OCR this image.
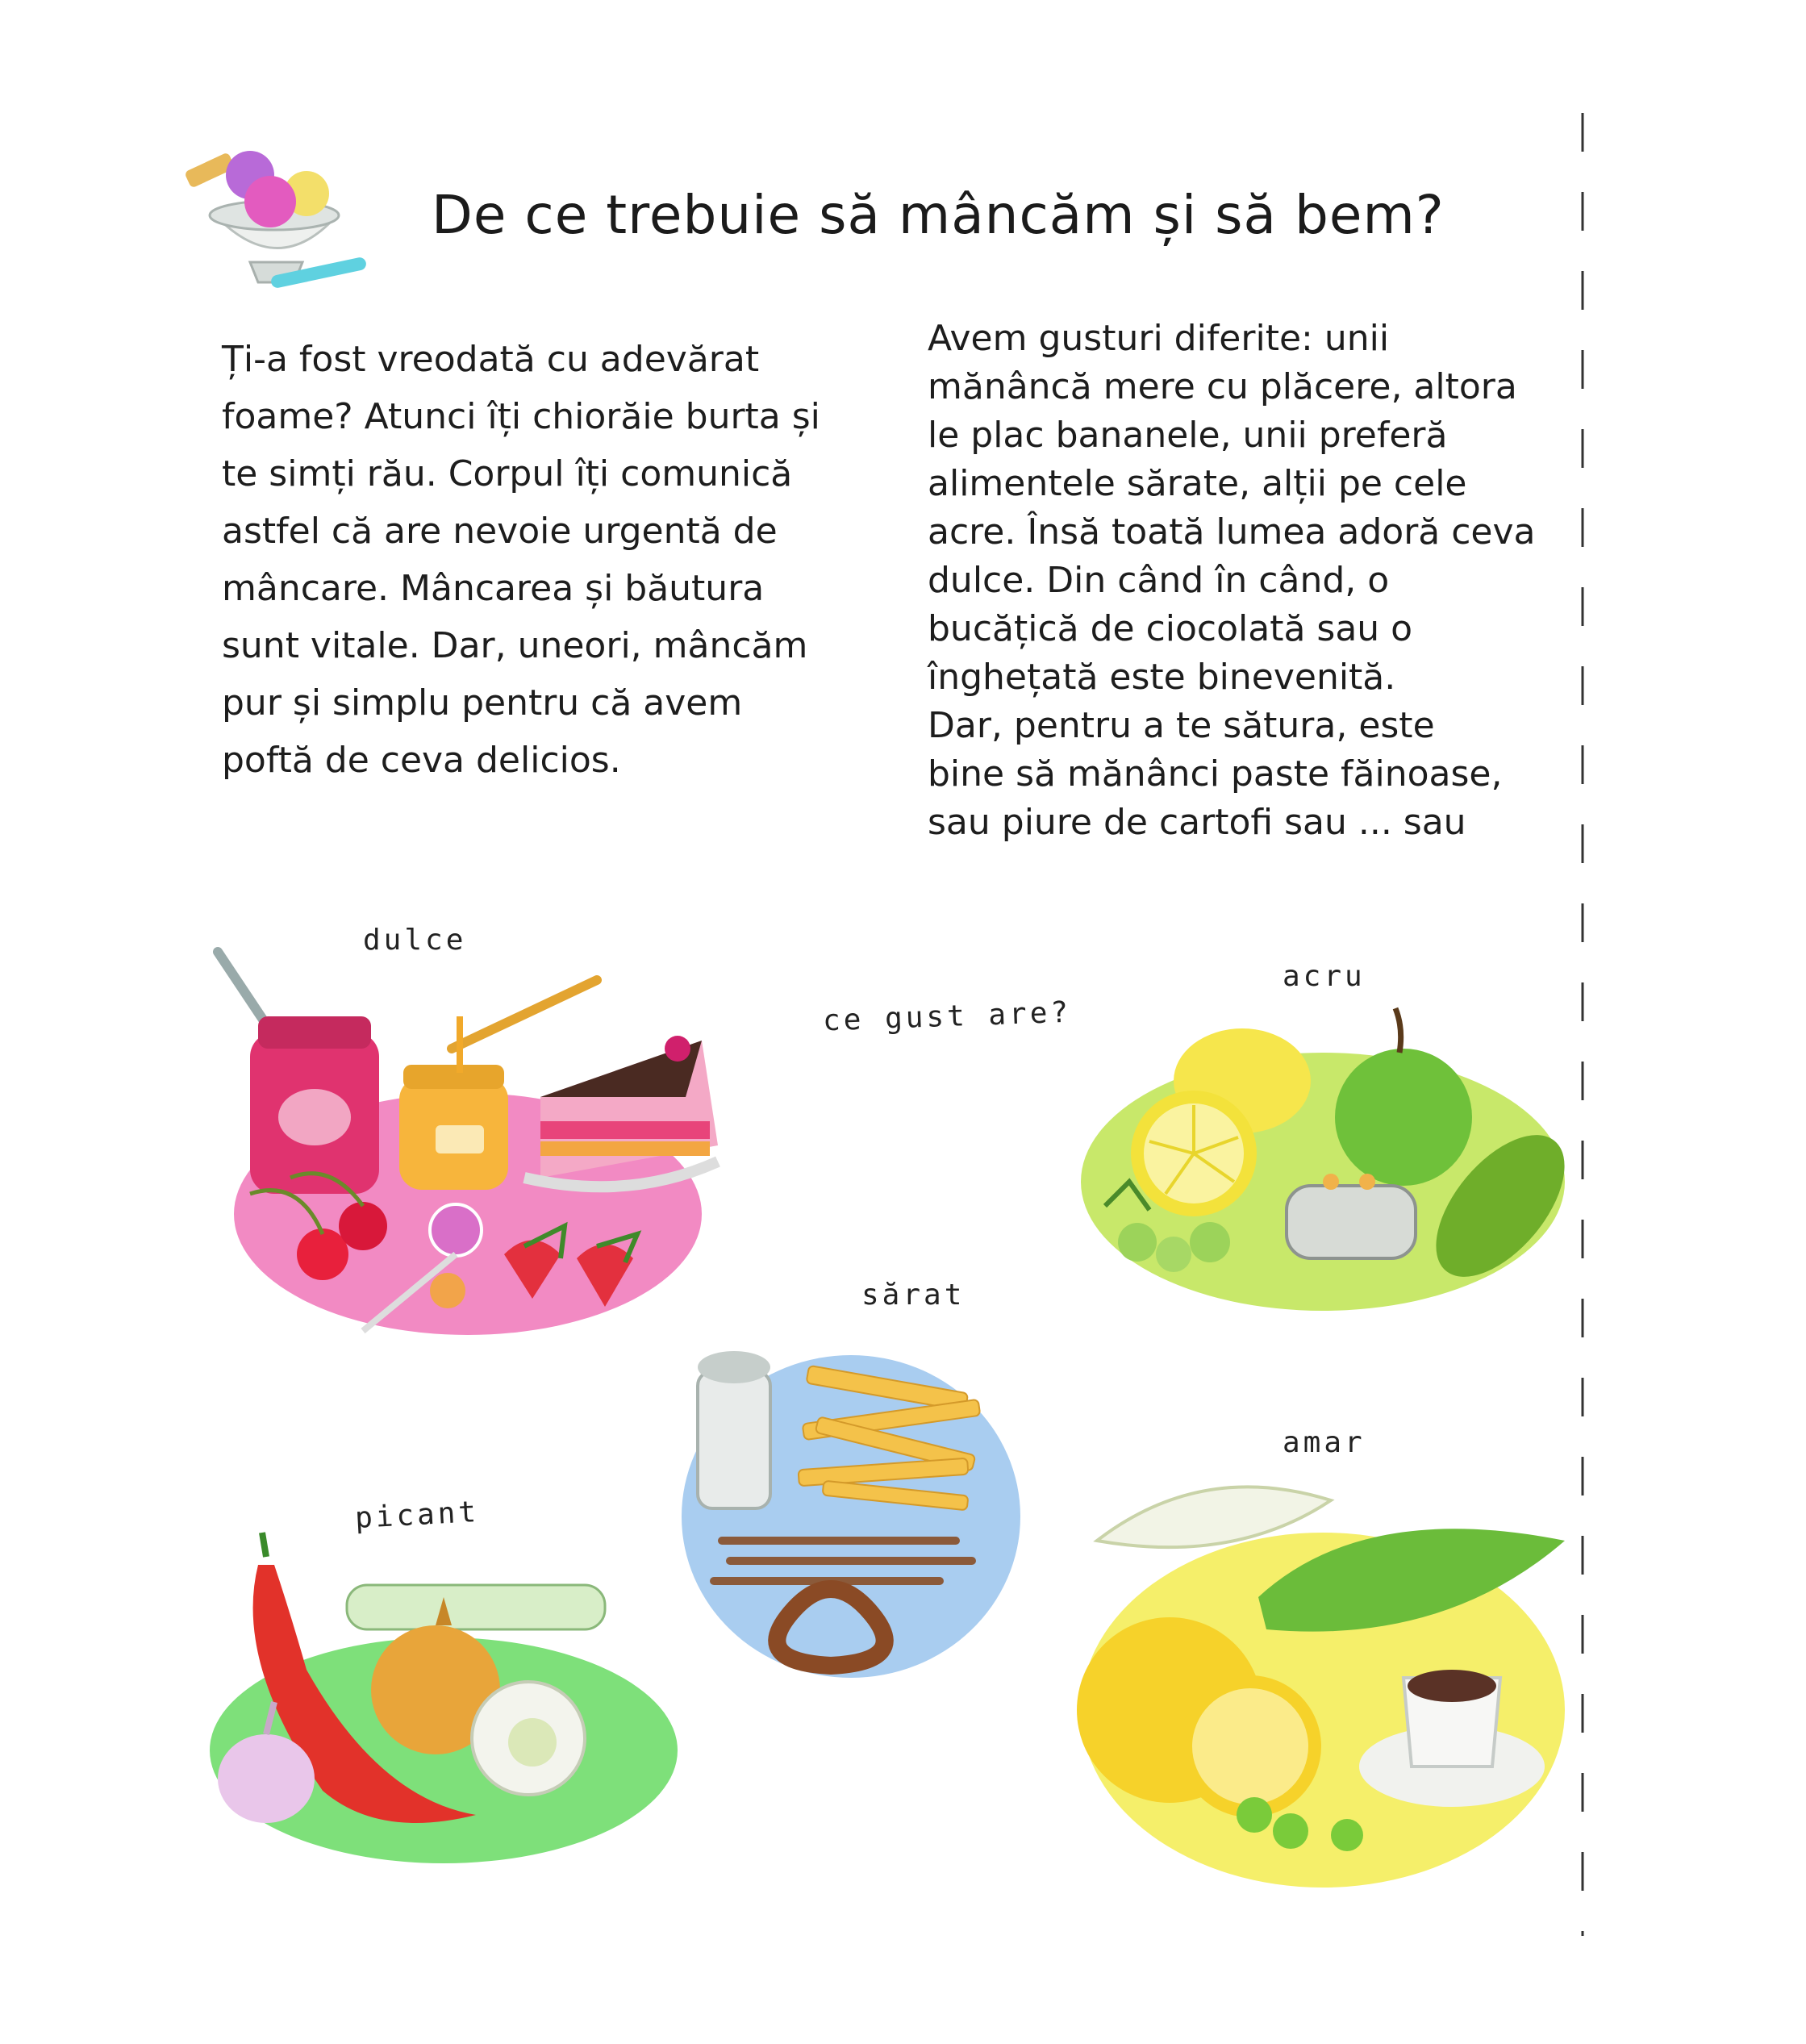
De ce trebuie să mâncăm și să bem?

Ți-a fost vreodată cu adevărat

foame? Atunci îți chiorăie burta și

te simți rău. Corpul îți comunică

astfel că are nevoie urgentă de

mâncare. Mâncarea și băutura

sunt vitale. Dar, uneori, mâncăm

pur și simplu pentru că avem

poftă de ceva delicios.

Avem gusturi diferite: unii

mănâncă mere cu plăcere, altora

le plac bananele, unii preferă

alimentele sărate, alții pe cele

acre. Însă toată lumea adoră ceva

dulce. Din când în când, o

bucățică de ciocolată sau o

înghețată este binevenită.

Dar, pentru a te sătura, este

bine să mănânci paste făinoase,

sau piure de cartofi sau ... sau

dulce
ce gust are?
acru
sărat
amar
picant
